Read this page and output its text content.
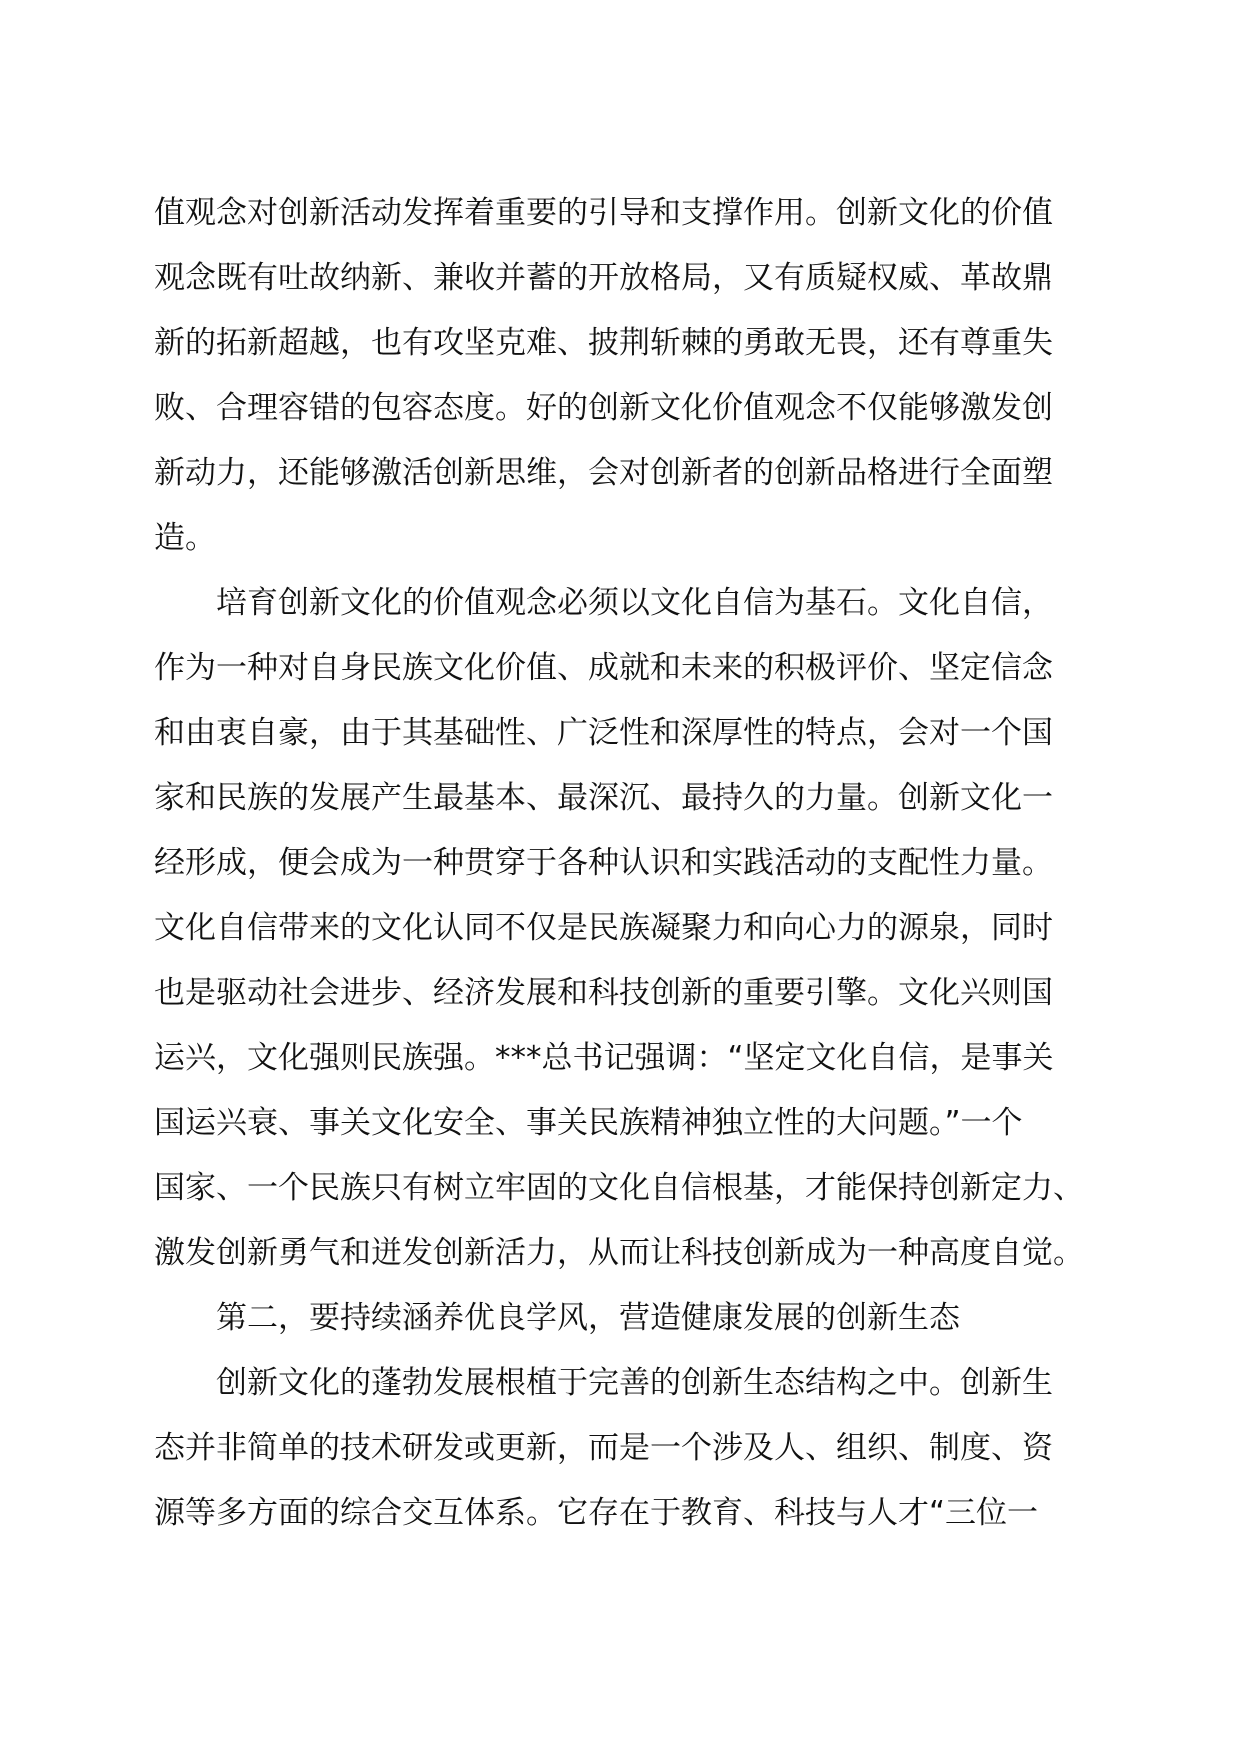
值观念对创新活动发挥着重要的引导和支撑作用。创新文化的价值
观念既有吐故纳新、兼收并蓄的开放格局，又有质疑权威、革故鼎
新的拓新超越，也有攻坚克难、披荆斩棘的勇敢无畏，还有尊重失
败、合理容错的包容态度。好的创新文化价值观念不仅能够激发创
新动力，还能够激活创新思维，会对创新者的创新品格进行全面塑
造。
培育创新文化的价值观念必须以文化自信为基石。文化自信，
作为一种对自身民族文化价值、成就和未来的积极评价、坚定信念
和由衷自豪，由于其基础性、广泛性和深厚性的特点，会对一个国
家和民族的发展产生最基本、最深沉、最持久的力量。创新文化一
经形成，便会成为一种贯穿于各种认识和实践活动的支配性力量。
文化自信带来的文化认同不仅是民族凝聚力和向心力的源泉，同时
也是驱动社会进步、经济发展和科技创新的重要引擎。文化兴则国
运兴，文化强则民族强。***总书记强调：“坚定文化自信，是事关
国运兴衰、事关文化安全、事关民族精神独立性的大问题。”一个
国家、一个民族只有树立牢固的文化自信根基，才能保持创新定力、
激发创新勇气和迸发创新活力，从而让科技创新成为一种高度自觉。
第二，要持续涵养优良学风，营造健康发展的创新生态
创新文化的蓬勃发展根植于完善的创新生态结构之中。创新生
态并非简单的技术研发或更新，而是一个涉及人、组织、制度、资
源等多方面的综合交互体系。它存在于教育、科技与人才“三位一
